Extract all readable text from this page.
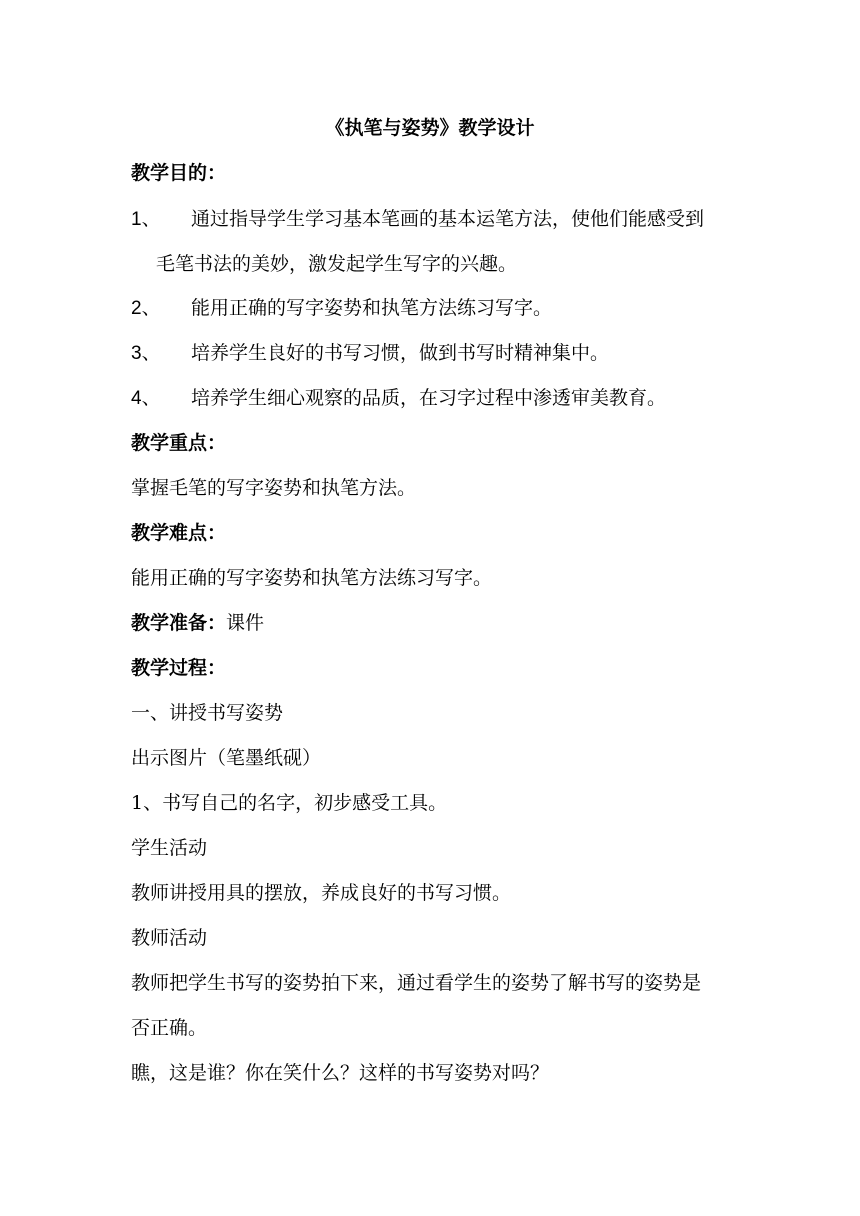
《执笔与姿势》教学设计
教学目的：
1、 通过指导学生学习基本笔画的基本运笔方法，使他们能感受到
毛笔书法的美妙，激发起学生写字的兴趣。
2、 能用正确的写字姿势和执笔方法练习写字。
3、 培养学生良好的书写习惯，做到书写时精神集中。
4、 培养学生细心观察的品质，在习字过程中渗透审美教育。
教学重点：
掌握毛笔的写字姿势和执笔方法。
教学难点：
能用正确的写字姿势和执笔方法练习写字。
教学准备：课件
教学过程：
一、讲授书写姿势
出示图片（笔墨纸砚）
1、书写自己的名字，初步感受工具。
学生活动
教师讲授用具的摆放，养成良好的书写习惯。
教师活动
教师把学生书写的姿势拍下来，通过看学生的姿势了解书写的姿势是
否正确。
瞧，这是谁？你在笑什么？这样的书写姿势对吗？
